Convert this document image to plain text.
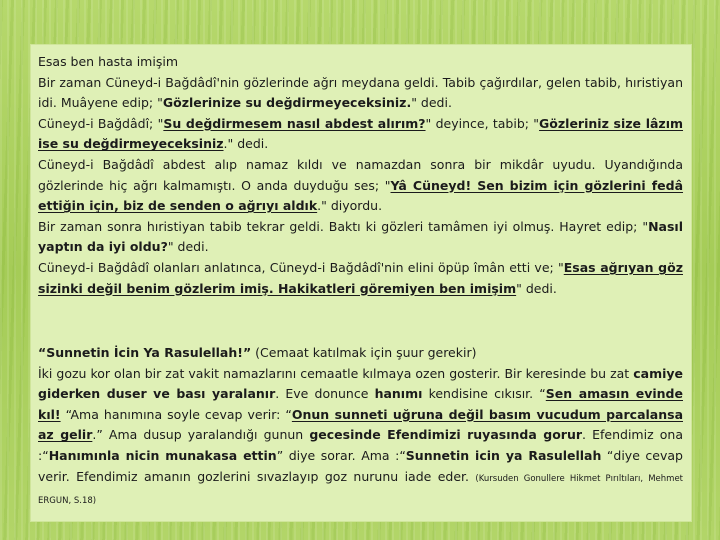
Esas ben hasta imişim

Bir zaman Cüneyd-i Bağdâdî'nin gözlerinde ağrı meydana geldi. Tabib çağırdılar, gelen tabib, hıristiyan idi. Muâyene edip; "Gözlerinize su değdirmeyeceksiniz." dedi.

Cüneyd-i Bağdâdî; "Su değdirmesem nasıl abdest alırım?" deyince, tabib; "Gözleriniz size lâzım ise su değdirmeyeceksiniz." dedi.

Cüneyd-i Bağdâdî abdest alıp namaz kıldı ve namazdan sonra bir mikdâr uyudu. Uyandığında gözlerinde hiç ağrı kalmamıştı. O anda duyduğu ses; "Yâ Cüneyd! Sen bizim için gözlerini fedâ ettiğin için, biz de senden o ağrıyı aldık." diyordu.

Bir zaman sonra hıristiyan tabib tekrar geldi. Baktı ki gözleri tamâmen iyi olmuş. Hayret edip; "Nasıl yaptın da iyi oldu?" dedi.

Cüneyd-i Bağdâdî olanları anlatınca, Cüneyd-i Bağdâdî'nin elini öpüp îmân etti ve; "Esas ağrıyan göz sizinki değil benim gözlerim imiş. Hakikatleri göremiyen ben imişim" dedi.

“Sunnetin İcin Ya Rasulellah!” (Cemaat katılmak için şuur gerekir)

İki gozu kor olan bir zat vakit namazlarını cemaatle kılmaya ozen gosterir. Bir keresinde bu zat camiye giderken duser ve bası yaralanır. Eve donunce hanımı kendisine cıkısır. “Sen amasın evinde kıl! “Ama hanımına soyle cevap verir: “Onun sunneti uğruna değil basım vucudum parcalansa az gelir.” Ama dusup yaralandığı gunun gecesinde Efendimizi ruyasında gorur. Efendimiz ona :“Hanımınla nicin munakasa ettin” diye sorar. Ama :“Sunnetin icin ya Rasulellah “diye cevap verir. Efendimiz amanın gozlerini sıvazlayıp goz nurunu iade eder. (Kursuden Gonullere Hikmet Pırıltıları, Mehmet ERGUN, S.18)
